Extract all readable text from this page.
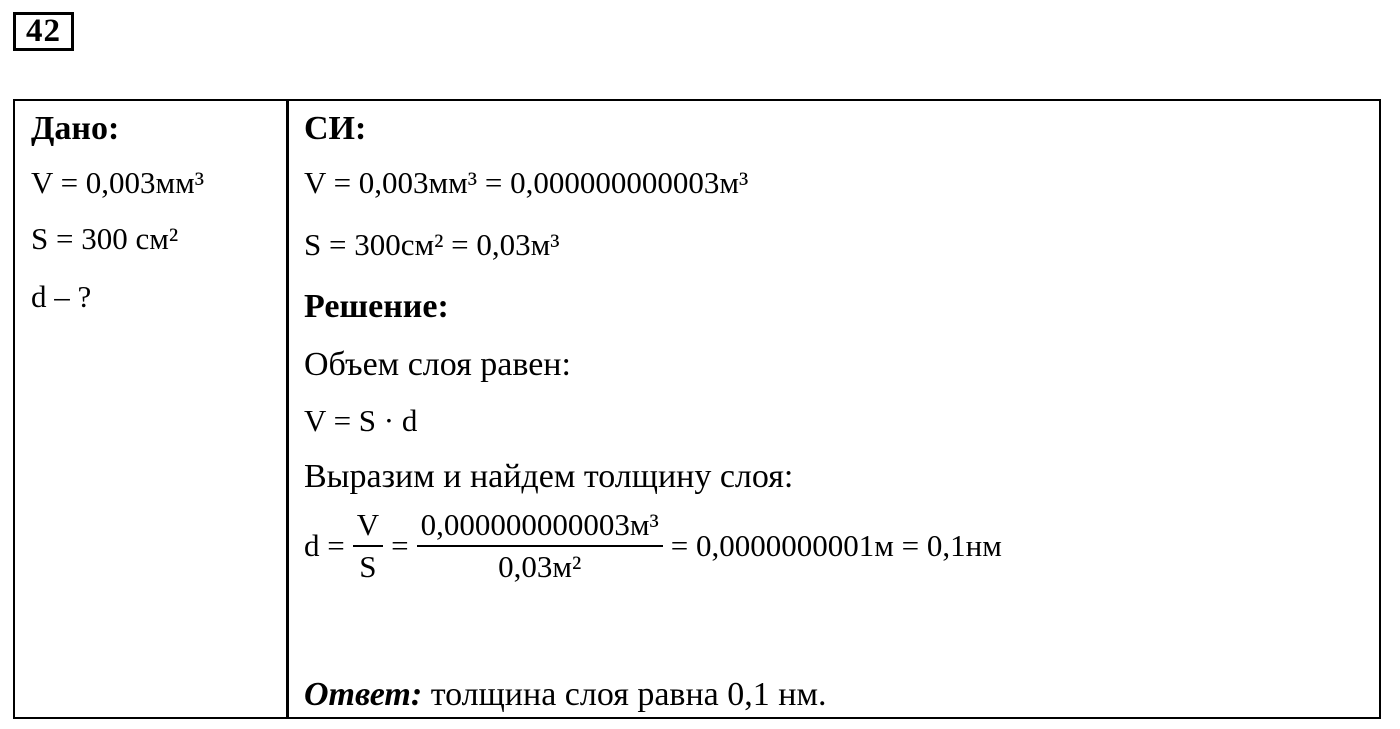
42
Дано:
V = 0,003мм³
S = 300 см²
d – ?
СИ:
V = 0,003мм³ = 0,000000000003м³
S = 300см² = 0,03м³
Решение:
Объем слоя равен:
V = S · d
Выразим и найдем толщину слоя:
$d = \frac{V}{S} = \frac{\text{0,000000000003м³}}{\text{0,03м²}} = 0,0000000001м = 0,1нм$
Ответ: толщина слоя равна 0,1 нм.
